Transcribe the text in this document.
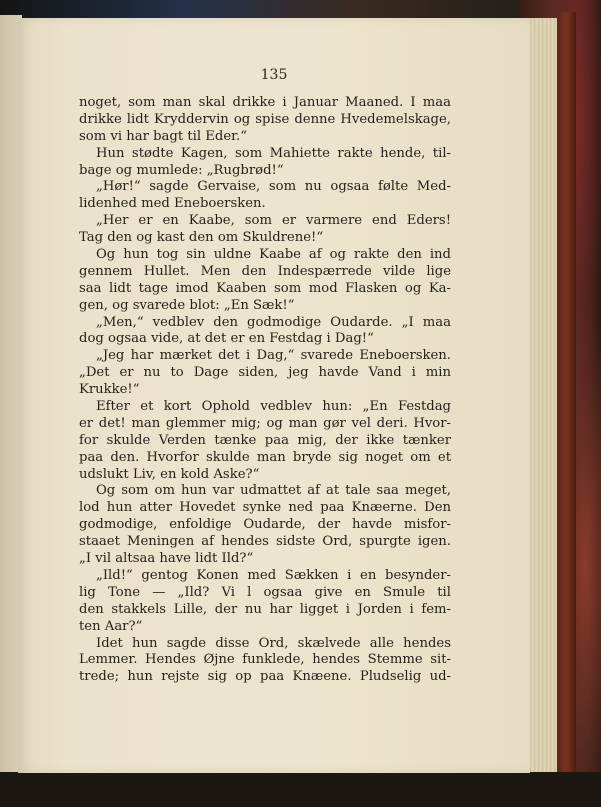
135
noget, som man skal drikke i Januar Maaned. I maa
drikke lidt Kryddervin og spise denne Hvedemelskage,
som vi har bagt til Eder.“
Hun stødte Kagen, som Mahiette rakte hende, til-
bage og mumlede: „Rugbrød!“
„Hør!“ sagde Gervaise, som nu ogsaa følte Med-
lidenhed med Eneboersken.
„Her er en Kaabe, som er varmere end Eders!
Tag den og kast den om Skuldrene!“
Og hun tog sin uldne Kaabe af og rakte den ind
gennem Hullet. Men den Indespærrede vilde lige
saa lidt tage imod Kaaben som mod Flasken og Ka-
gen, og svarede blot: „En Sæk!“
„Men,“ vedblev den godmodige Oudarde. „I maa
dog ogsaa vide, at det er en Festdag i Dag!“
„Jeg har mærket det i Dag,“ svarede Eneboersken.
„Det er nu to Dage siden, jeg havde Vand i min
Krukke!“
Efter et kort Ophold vedblev hun: „En Festdag
er det! man glemmer mig; og man gør vel deri. Hvor-
for skulde Verden tænke paa mig, der ikke tænker
paa den. Hvorfor skulde man bryde sig noget om et
udslukt Liv, en kold Aske?“
Og som om hun var udmattet af at tale saa meget,
lod hun atter Hovedet synke ned paa Knæerne. Den
godmodige, enfoldige Oudarde, der havde misfor-
staaet Meningen af hendes sidste Ord, spurgte igen.
„I vil altsaa have lidt Ild?“
„Ild!“ gentog Konen med Sækken i en besynder-
lig Tone — „Ild? Vi l ogsaa give en Smule til
den stakkels Lille, der nu har ligget i Jorden i fem-
ten Aar?“
Idet hun sagde disse Ord, skælvede alle hendes
Lemmer. Hendes Øjne funklede, hendes Stemme sit-
trede; hun rejste sig op paa Knæene. Pludselig ud-
